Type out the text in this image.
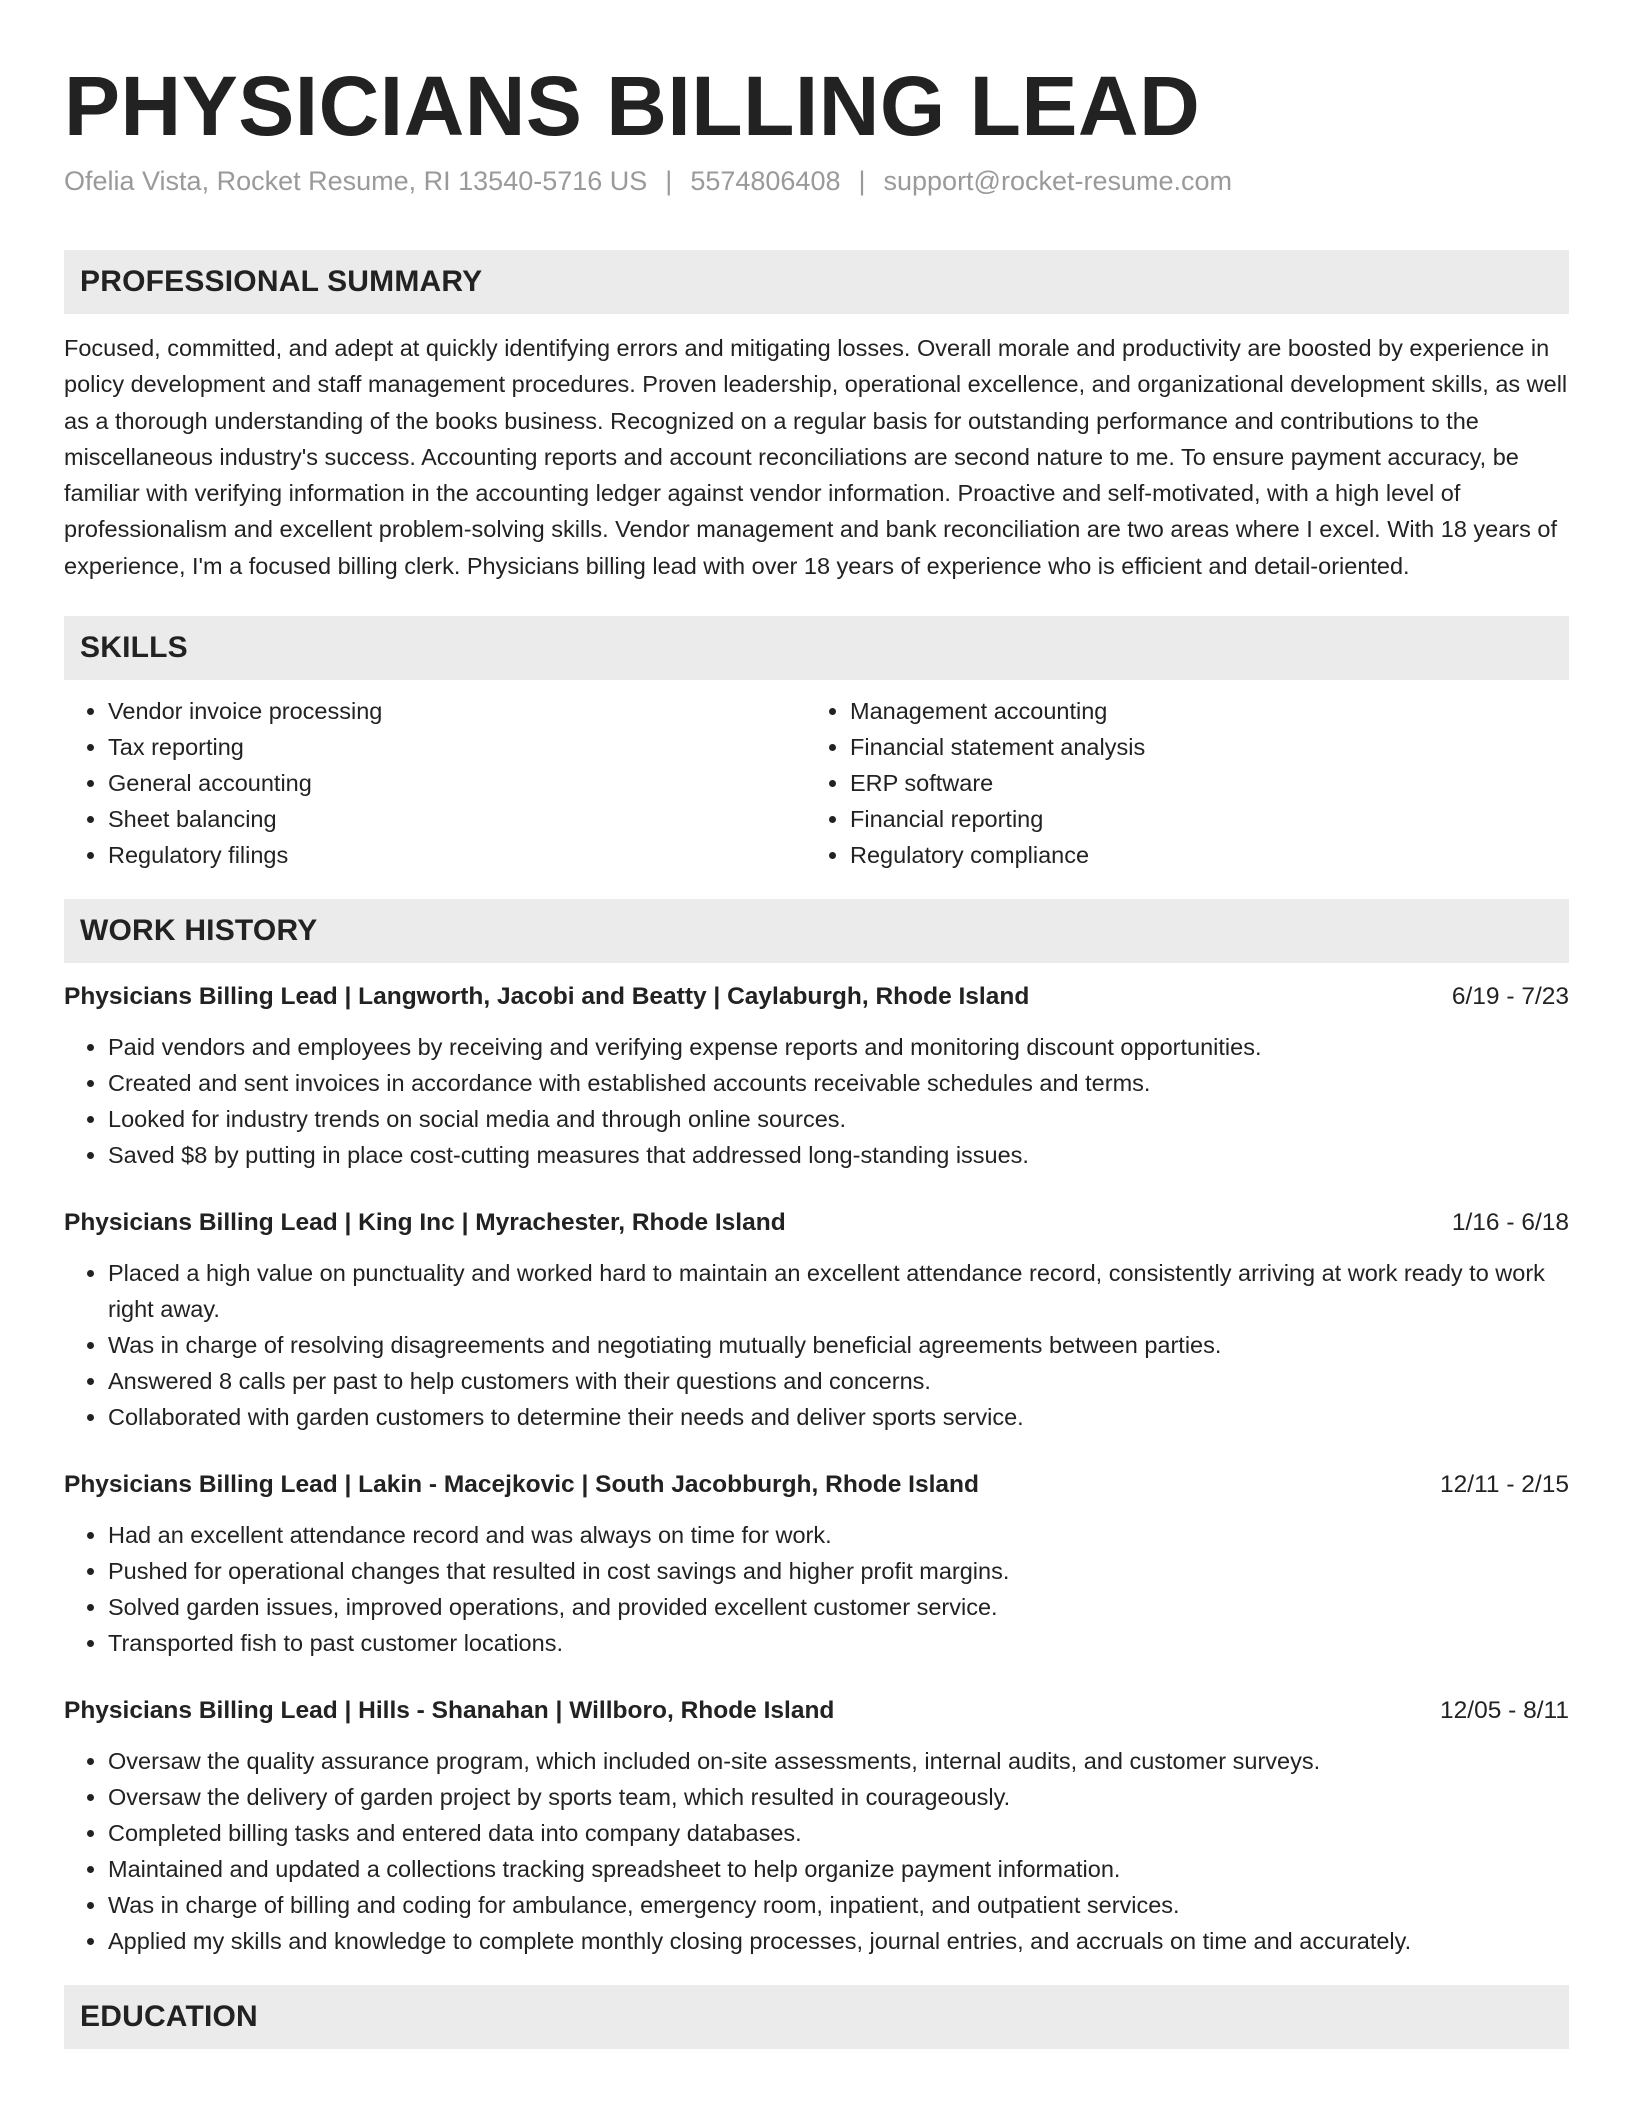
PHYSICIANS BILLING LEAD
Ofelia Vista, Rocket Resume, RI 13540-5716 US | 5574806408 | support@rocket-resume.com
PROFESSIONAL SUMMARY

Focused, committed, and adept at quickly identifying errors and mitigating losses. Overall morale and productivity are boosted by experience in policy development and staff management procedures. Proven leadership, operational excellence, and organizational development skills, as well as a thorough understanding of the books business. Recognized on a regular basis for outstanding performance and contributions to the miscellaneous industry's success. Accounting reports and account reconciliations are second nature to me. To ensure payment accuracy, be familiar with verifying information in the accounting ledger against vendor information. Proactive and self-motivated, with a high level of professionalism and excellent problem-solving skills. Vendor management and bank reconciliation are two areas where I excel. With 18 years of experience, I'm a focused billing clerk. Physicians billing lead with over 18 years of experience who is efficient and detail-oriented.

SKILLS
• Vendor invoice processing
• Tax reporting
• General accounting
• Sheet balancing
• Regulatory filings
• Management accounting
• Financial statement analysis
• ERP software
• Financial reporting
• Regulatory compliance
WORK HISTORY
Physicians Billing Lead | Langworth, Jacobi and Beatty | Caylaburgh, Rhode Island	6/19 - 7/23
• Paid vendors and employees by receiving and verifying expense reports and monitoring discount opportunities.
• Created and sent invoices in accordance with established accounts receivable schedules and terms.
• Looked for industry trends on social media and through online sources.
• Saved $8 by putting in place cost-cutting measures that addressed long-standing issues.
Physicians Billing Lead | King Inc | Myrachester, Rhode Island	1/16 - 6/18
• Placed a high value on punctuality and worked hard to maintain an excellent attendance record, consistently arriving at work ready to work right away.
• Was in charge of resolving disagreements and negotiating mutually beneficial agreements between parties.
• Answered 8 calls per past to help customers with their questions and concerns.
• Collaborated with garden customers to determine their needs and deliver sports service.
Physicians Billing Lead | Lakin - Macejkovic | South Jacobburgh, Rhode Island	12/11 - 2/15
• Had an excellent attendance record and was always on time for work.
• Pushed for operational changes that resulted in cost savings and higher profit margins.
• Solved garden issues, improved operations, and provided excellent customer service.
• Transported fish to past customer locations.
Physicians Billing Lead | Hills - Shanahan | Willboro, Rhode Island	12/05 - 8/11
• Oversaw the quality assurance program, which included on-site assessments, internal audits, and customer surveys.
• Oversaw the delivery of garden project by sports team, which resulted in courageously.
• Completed billing tasks and entered data into company databases.
• Maintained and updated a collections tracking spreadsheet to help organize payment information.
• Was in charge of billing and coding for ambulance, emergency room, inpatient, and outpatient services.
• Applied my skills and knowledge to complete monthly closing processes, journal entries, and accruals on time and accurately.
EDUCATION
